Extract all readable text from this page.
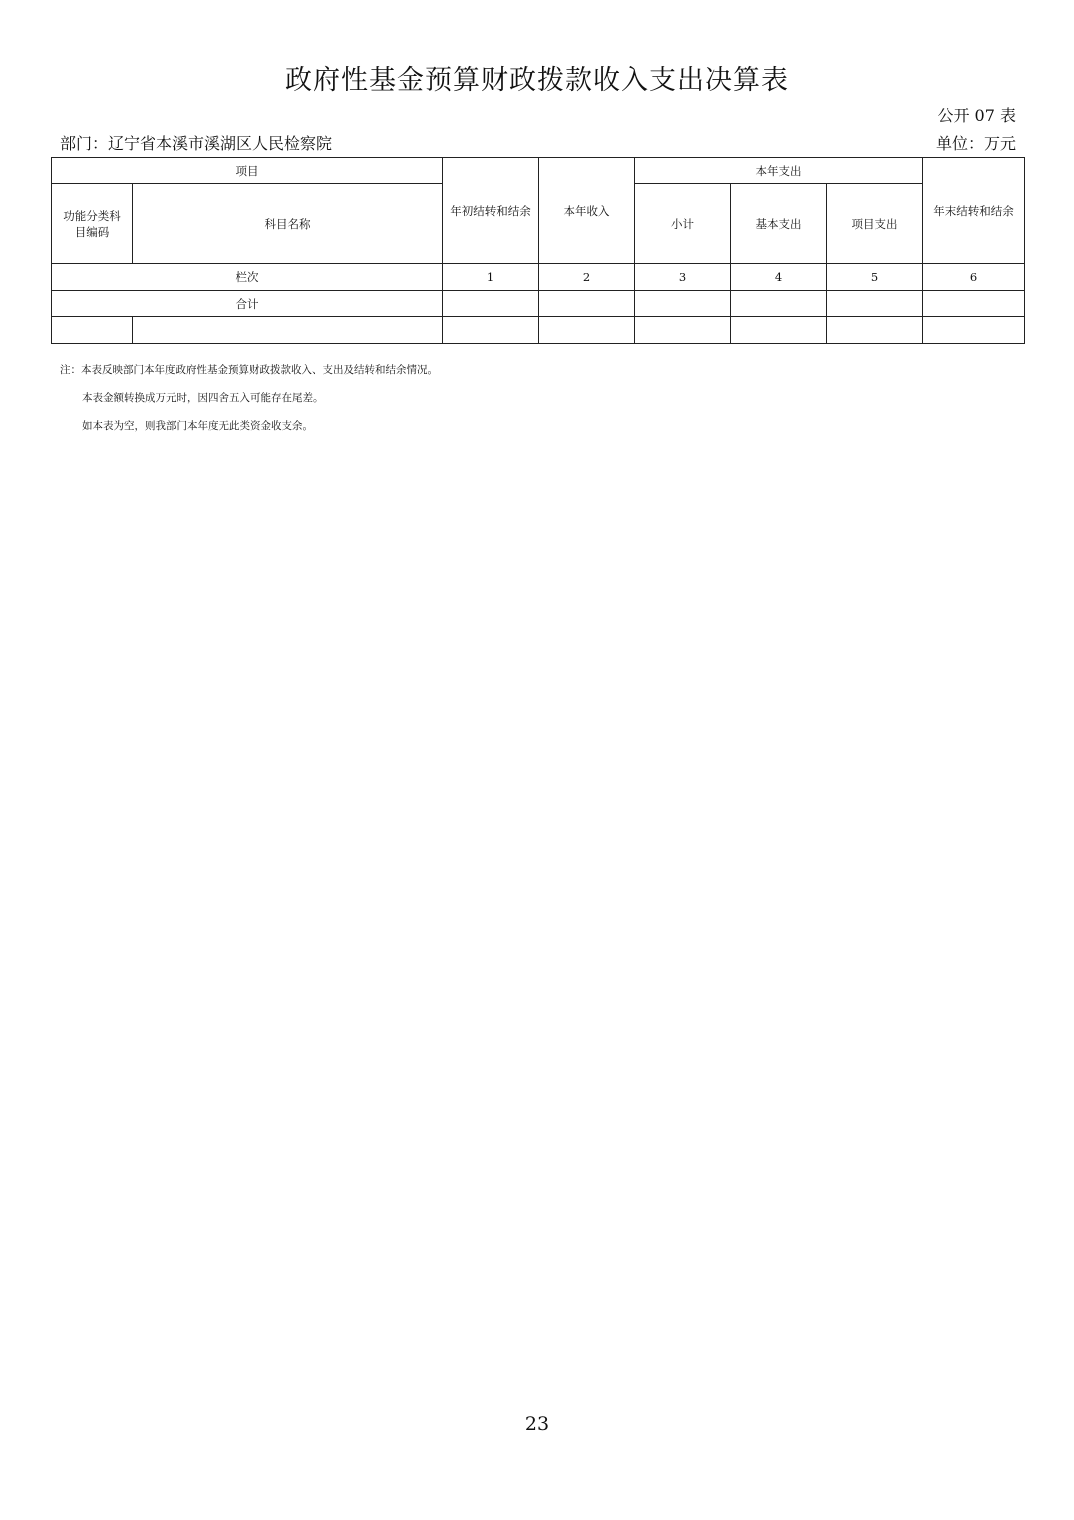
政府性基金预算财政拨款收入支出决算表
公开 07 表
部门：辽宁省本溪市溪湖区人民检察院	单位：万元
项目		年初结转和结余	本年收入	本年支出			年末结转和结余
功能分类科目编码	科目名称			小计	基本支出	项目支出	
栏次		1	2	3	4	5	6
合计							

注：本表反映部门本年度政府性基金预算财政拨款收入、支出及结转和结余情况。
本表金额转换成万元时，因四舍五入可能存在尾差。
如本表为空，则我部门本年度无此类资金收支余。
23
